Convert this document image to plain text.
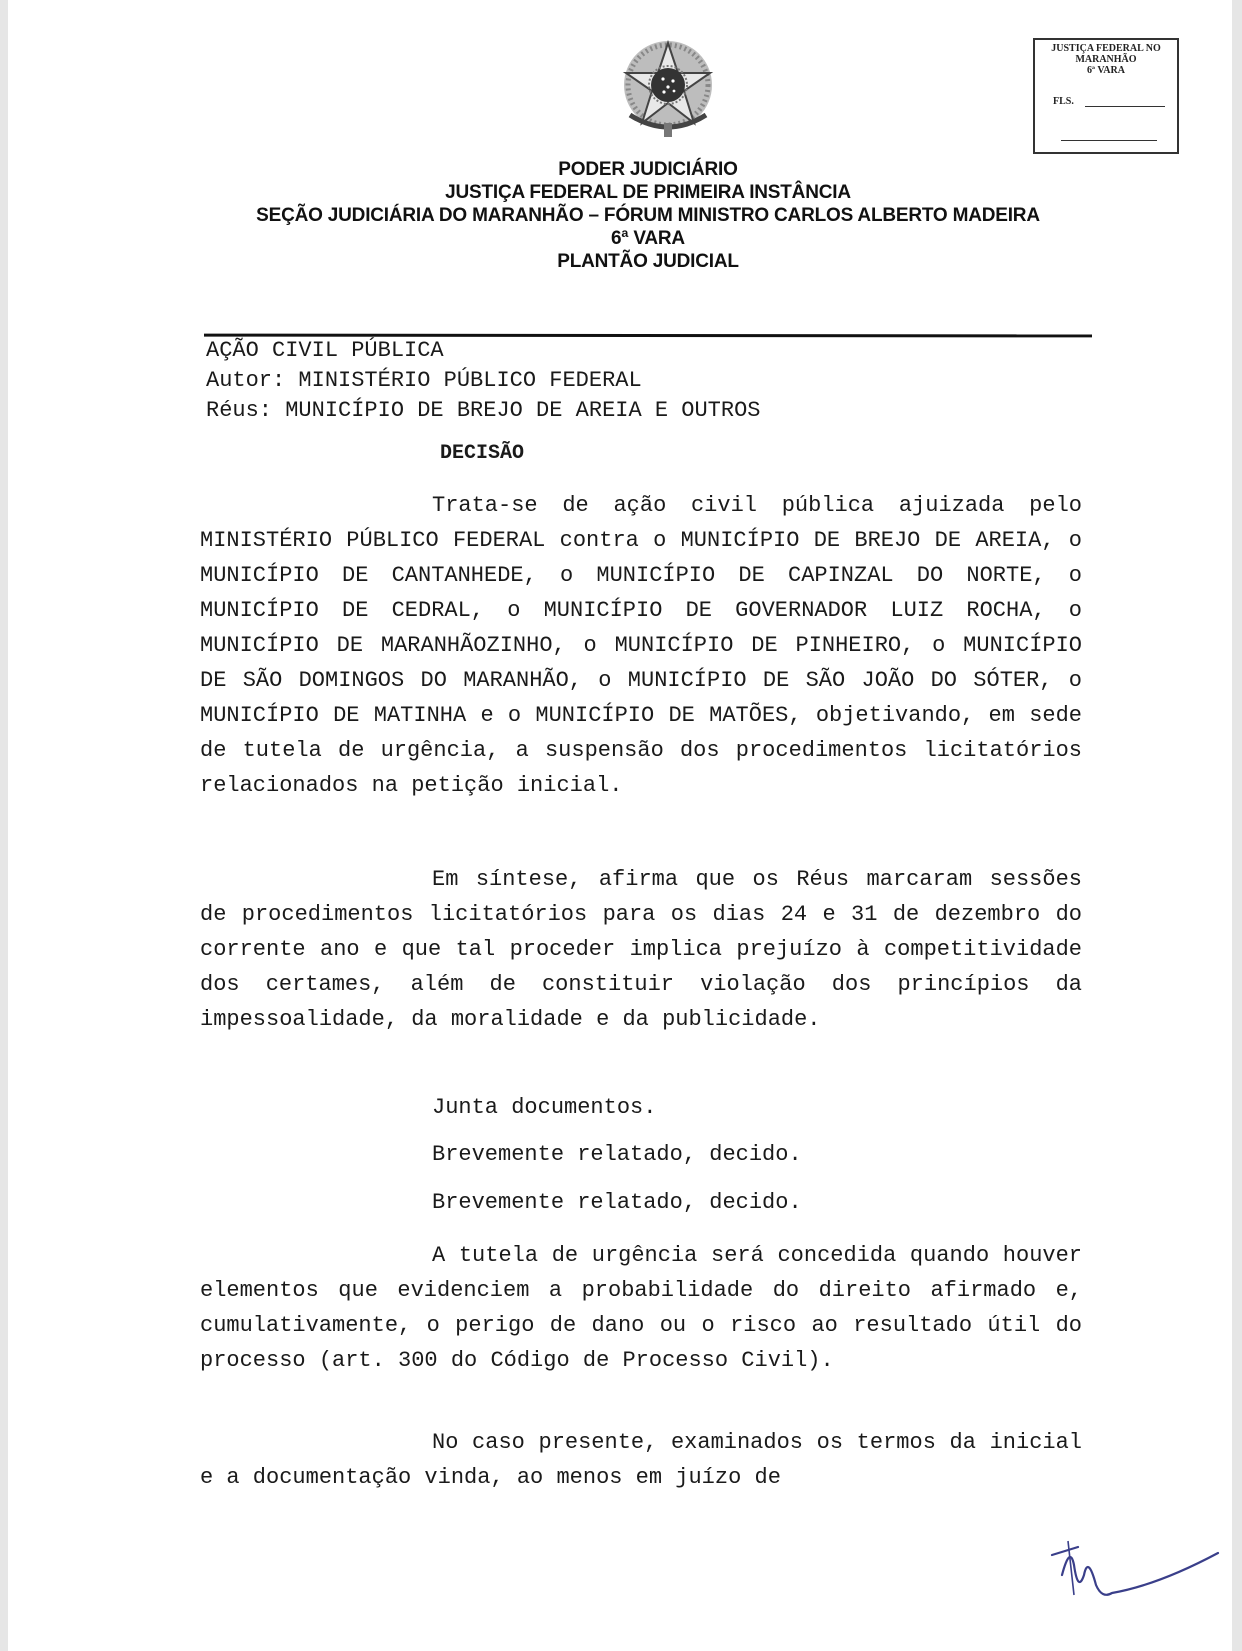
JUSTIÇA FEDERAL NO
MARANHÃO
6ª VARA
FLS.
PODER JUDICIÁRIO
JUSTIÇA FEDERAL DE PRIMEIRA INSTÂNCIA
SEÇÃO JUDICIÁRIA DO MARANHÃO – FÓRUM MINISTRO CARLOS ALBERTO MADEIRA
6ª VARA
PLANTÃO JUDICIAL
AÇÃO CIVIL PÚBLICA
Autor: MINISTÉRIO PÚBLICO FEDERAL
Réus: MUNICÍPIO DE BREJO DE AREIA E OUTROS
DECISÃO
Trata-se de ação civil pública ajuizada pelo MINISTÉRIO PÚBLICO FEDERAL contra o MUNICÍPIO DE BREJO DE AREIA, o MUNICÍPIO DE CANTANHEDE, o MUNICÍPIO DE CAPINZAL DO NORTE, o MUNICÍPIO DE CEDRAL, o MUNICÍPIO DE GOVERNADOR LUIZ ROCHA, o MUNICÍPIO DE MARANHÃOZINHO, o MUNICÍPIO DE PINHEIRO, o MUNICÍPIO DE SÃO DOMINGOS DO MARANHÃO, o MUNICÍPIO DE SÃO JOÃO DO SÓTER, o MUNICÍPIO DE MATINHA e o MUNICÍPIO DE MATÕES, objetivando, em sede de tutela de urgência, a suspensão dos procedimentos licitatórios relacionados na petição inicial.
Em síntese, afirma que os Réus marcaram sessões de procedimentos licitatórios para os dias 24 e 31 de dezembro do corrente ano e que tal proceder implica prejuízo à competitividade dos certames, além de constituir violação dos princípios da impessoalidade, da moralidade e da publicidade.
Junta documentos.
Brevemente relatado, decido.
Brevemente relatado, decido.
A tutela de urgência será concedida quando houver elementos que evidenciem a probabilidade do direito afirmado e, cumulativamente, o perigo de dano ou o risco ao resultado útil do processo (art. 300 do Código de Processo Civil).
No caso presente, examinados os termos da inicial e a documentação vinda, ao menos em juízo de
